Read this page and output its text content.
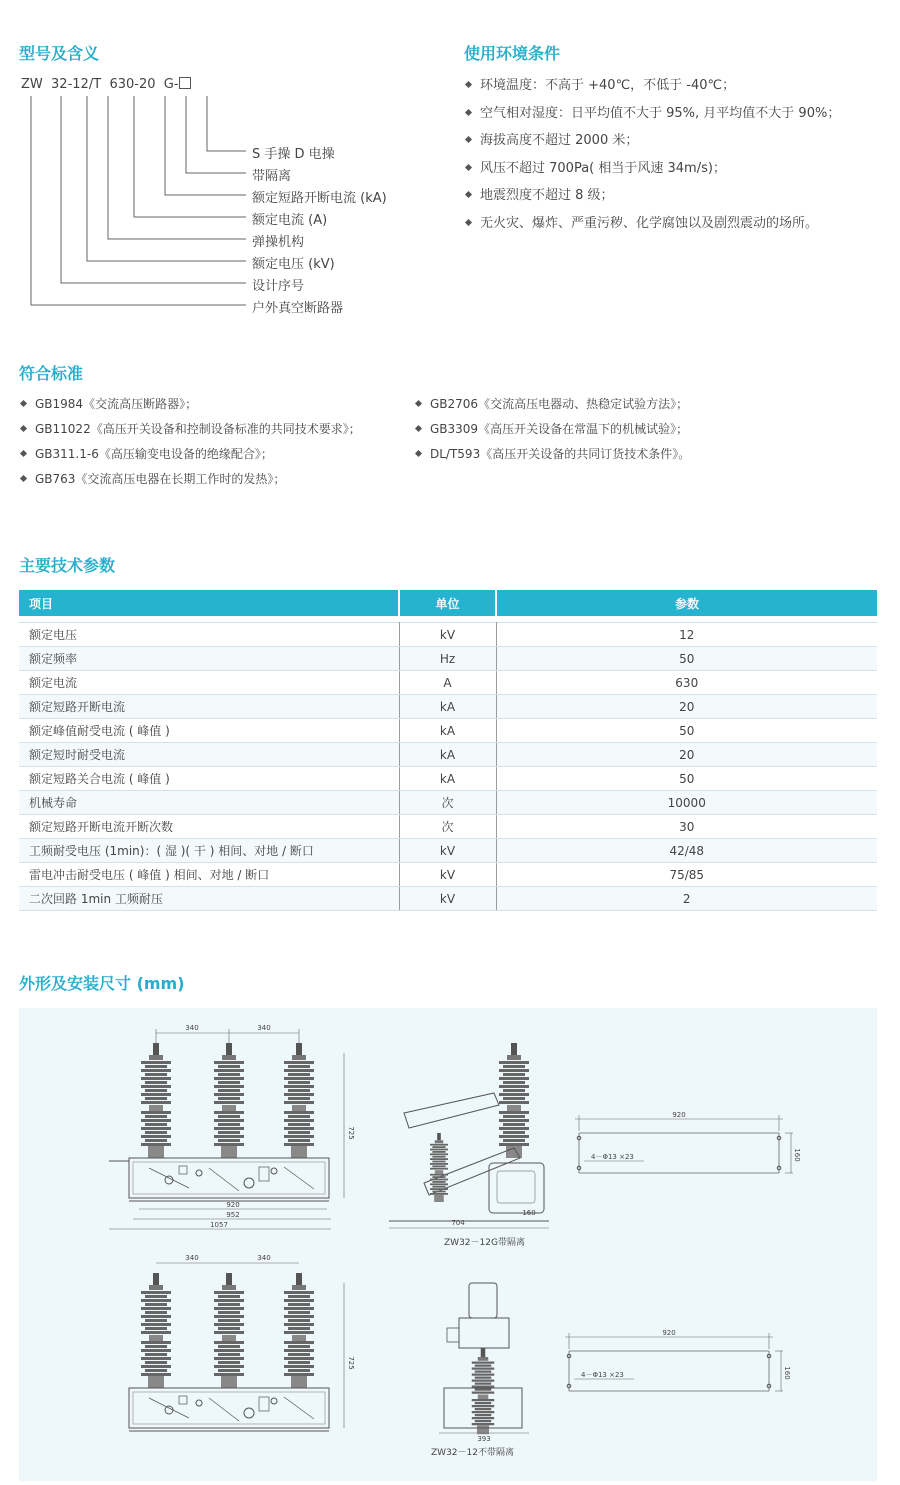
型号及含义
ZW 32-12/T 630-20 G-
S 手操 D 电操
带隔离
额定短路开断电流 (kA)
额定电流 (A)
弹操机构
额定电压 (kV)
设计序号
户外真空断路器
使用环境条件
环境温度：不高于 +40℃，不低于 -40℃；
空气相对湿度：日平均值不大于 95%, 月平均值不大于 90%；
海拔高度不超过 2000 米；
风压不超过 700Pa( 相当于风速 34m/s)；
地震烈度不超过 8 级；
无火灾、爆炸、严重污秽、化学腐蚀以及剧烈震动的场所。
符合标准
GB1984《交流高压断路器》；
GB11022《高压开关设备和控制设备标准的共同技术要求》；
GB311.1-6《高压输变电设备的绝缘配合》；
GB763《交流高压电器在长期工作时的发热》；
GB2706《交流高压电器动、热稳定试验方法》；
GB3309《高压开关设备在常温下的机械试验》；
DL/T593《高压开关设备的共同订货技术条件》。
主要技术参数
项目	单位	参数

额定电压	kV	12
额定频率	Hz	50
额定电流	A	630
额定短路开断电流	kA	20
额定峰值耐受电流 ( 峰值 )	kA	50
额定短时耐受电流	kA	20
额定短路关合电流 ( 峰值 )	kA	50
机械寿命	次	10000
额定短路开断电流开断次数	次	30
工频耐受电压 (1min)：( 湿 )( 干 ) 相间、对地 / 断口	kV	42/48
雷电冲击耐受电压 ( 峰值 ) 相间、对地 / 断口	kV	75/85
二次回路 1min 工频耐压	kV	2
外形及安装尺寸 (mm)
340	340
725
920
952
1057	704
160
ZW32－12G带隔离
920
160
4－Φ13 ×23
340	340
725
393
ZW32－12不带隔离
920
160
4－Φ13 ×23
